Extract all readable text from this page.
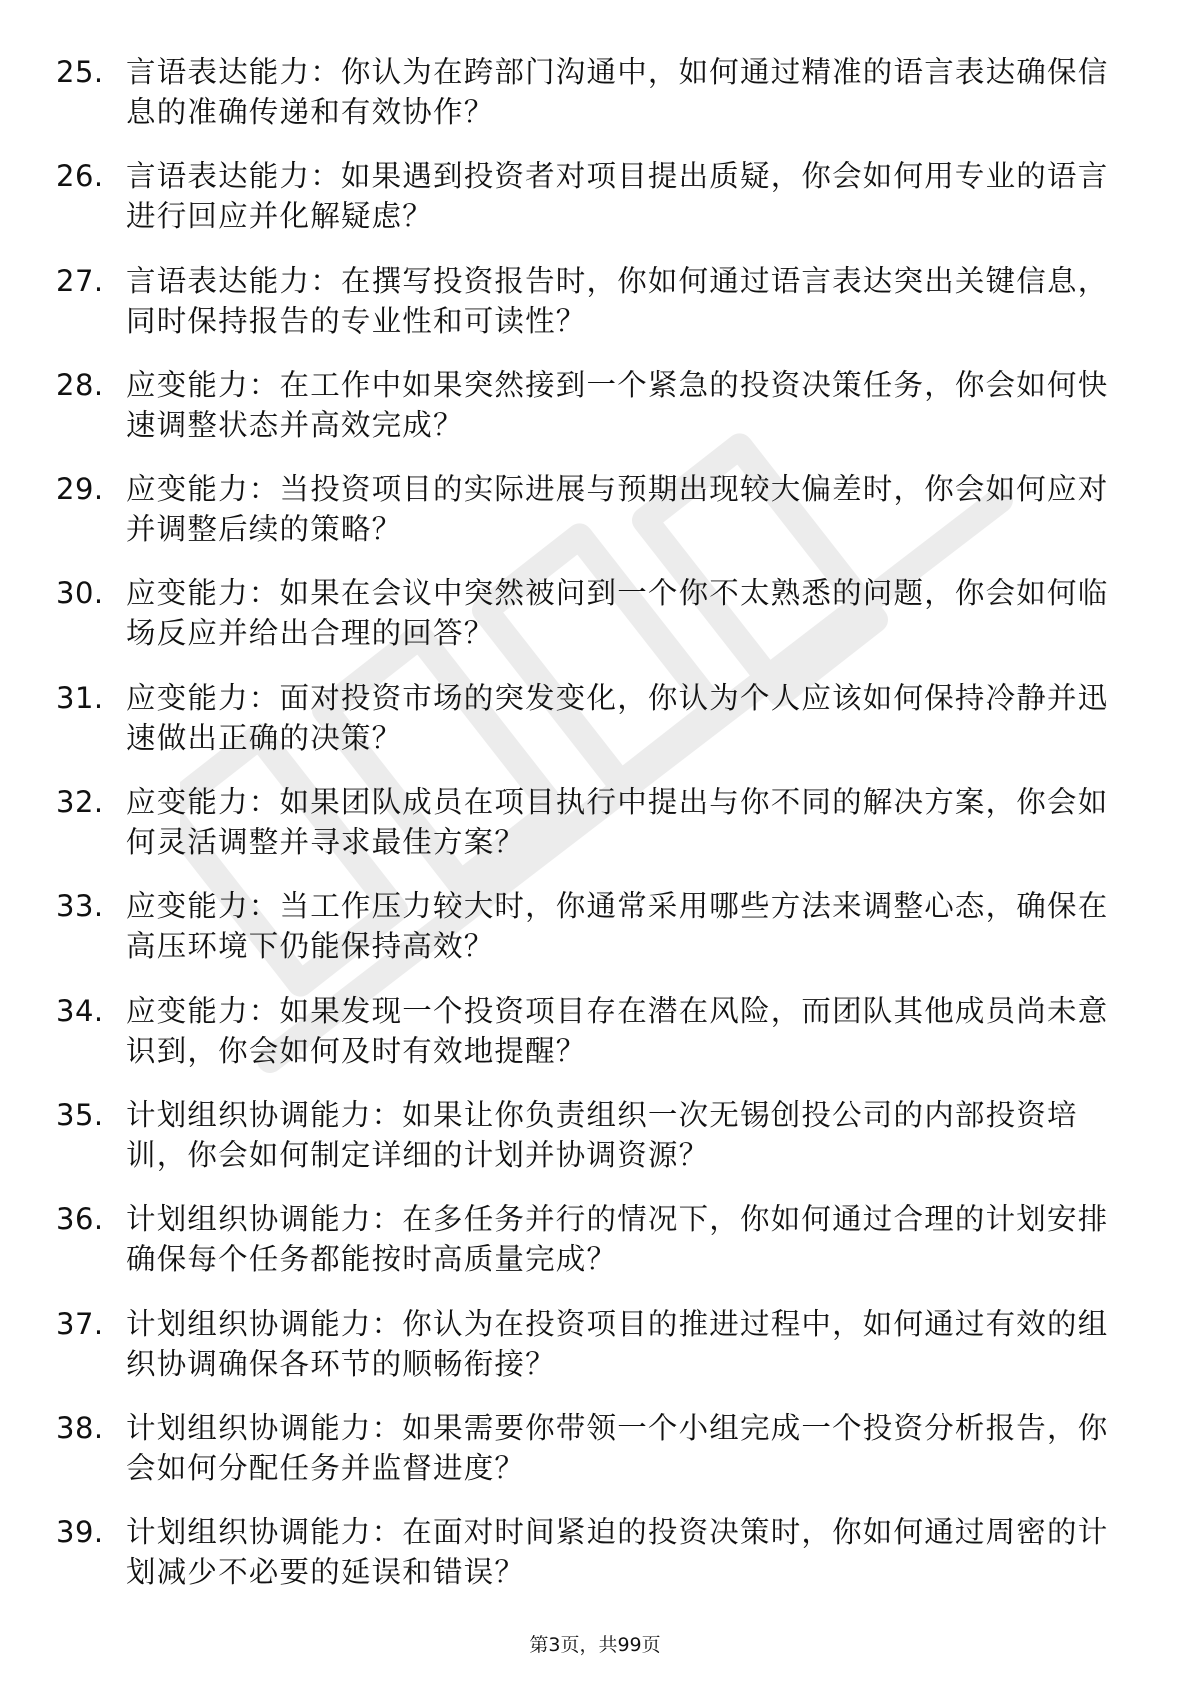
25. 言语表达能力：你认为在跨部门沟通中，如何通过精准的语言表达确保信息的准确传递和有效协作？
26. 言语表达能力：如果遇到投资者对项目提出质疑，你会如何用专业的语言进行回应并化解疑虑？
27. 言语表达能力：在撰写投资报告时，你如何通过语言表达突出关键信息，同时保持报告的专业性和可读性？
28. 应变能力：在工作中如果突然接到一个紧急的投资决策任务，你会如何快速调整状态并高效完成？
29. 应变能力：当投资项目的实际进展与预期出现较大偏差时，你会如何应对并调整后续的策略？
30. 应变能力：如果在会议中突然被问到一个你不太熟悉的问题，你会如何临场反应并给出合理的回答？
31. 应变能力：面对投资市场的突发变化，你认为个人应该如何保持冷静并迅速做出正确的决策？
32. 应变能力：如果团队成员在项目执行中提出与你不同的解决方案，你会如何灵活调整并寻求最佳方案？
33. 应变能力：当工作压力较大时，你通常采用哪些方法来调整心态，确保在高压环境下仍能保持高效？
34. 应变能力：如果发现一个投资项目存在潜在风险，而团队其他成员尚未意识到，你会如何及时有效地提醒？
35. 计划组织协调能力：如果让你负责组织一次无锡创投公司的内部投资培训，你会如何制定详细的计划并协调资源？
36. 计划组织协调能力：在多任务并行的情况下，你如何通过合理的计划安排确保每个任务都能按时高质量完成？
37. 计划组织协调能力：你认为在投资项目的推进过程中，如何通过有效的组织协调确保各环节的顺畅衔接？
38. 计划组织协调能力：如果需要你带领一个小组完成一个投资分析报告，你会如何分配任务并监督进度？
39. 计划组织协调能力：在面对时间紧迫的投资决策时，你如何通过周密的计划减少不必要的延误和错误？
第3页，共99页
